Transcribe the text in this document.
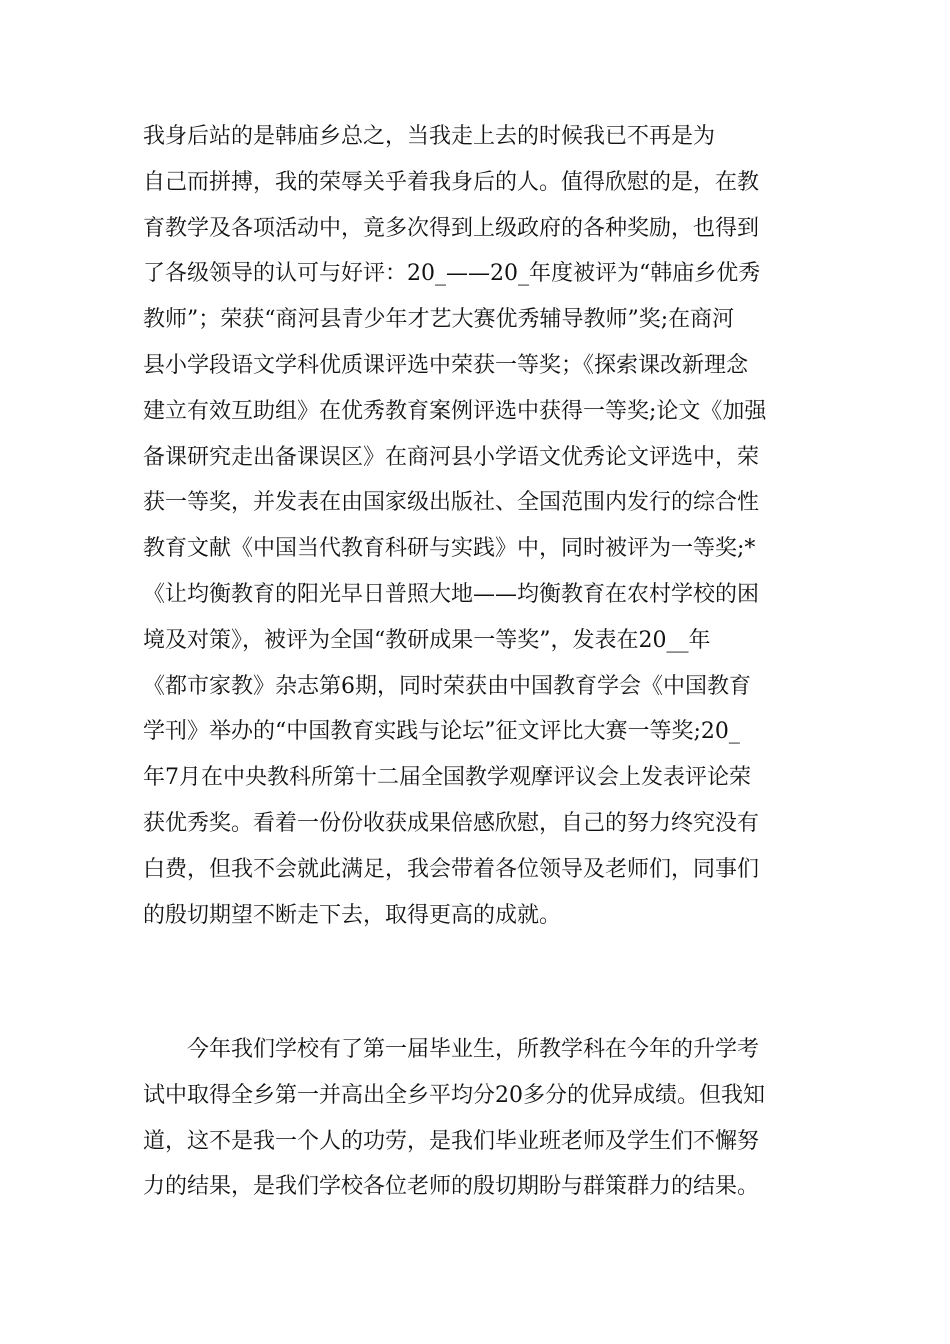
我身后站的是韩庙乡总之，当我走上去的时候我已不再是为
自己而拼搏，我的荣辱关乎着我身后的人。值得欣慰的是，在教
育教学及各项活动中，竟多次得到上级政府的各种奖励，也得到
了各级领导的认可与好评：20_——20_年度被评为“韩庙乡优秀
教师”；荣获“商河县青少年才艺大赛优秀辅导教师”奖;在商河
县小学段语文学科优质课评选中荣获一等奖；《探索课改新理念
建立有效互助组》在优秀教育案例评选中获得一等奖;论文《加强
备课研究走出备课误区》在商河县小学语文优秀论文评选中，荣
获一等奖，并发表在由国家级出版社、全国范围内发行的综合性
教育文献《中国当代教育科研与实践》中，同时被评为一等奖;*
《让均衡教育的阳光早日普照大地——均衡教育在农村学校的困
境及对策》，被评为全国“教研成果一等奖”，发表在20__年
《都市家教》杂志第6期，同时荣获由中国教育学会《中国教育
学刊》举办的“中国教育实践与论坛”征文评比大赛一等奖;20_
年7月在中央教科所第十二届全国教学观摩评议会上发表评论荣
获优秀奖。看着一份份收获成果倍感欣慰，自己的努力终究没有
白费，但我不会就此满足，我会带着各位领导及老师们，同事们
的殷切期望不断走下去，取得更高的成就。
今年我们学校有了第一届毕业生，所教学科在今年的升学考
试中取得全乡第一并高出全乡平均分20多分的优异成绩。但我知
道，这不是我一个人的功劳，是我们毕业班老师及学生们不懈努
力的结果，是我们学校各位老师的殷切期盼与群策群力的结果。
